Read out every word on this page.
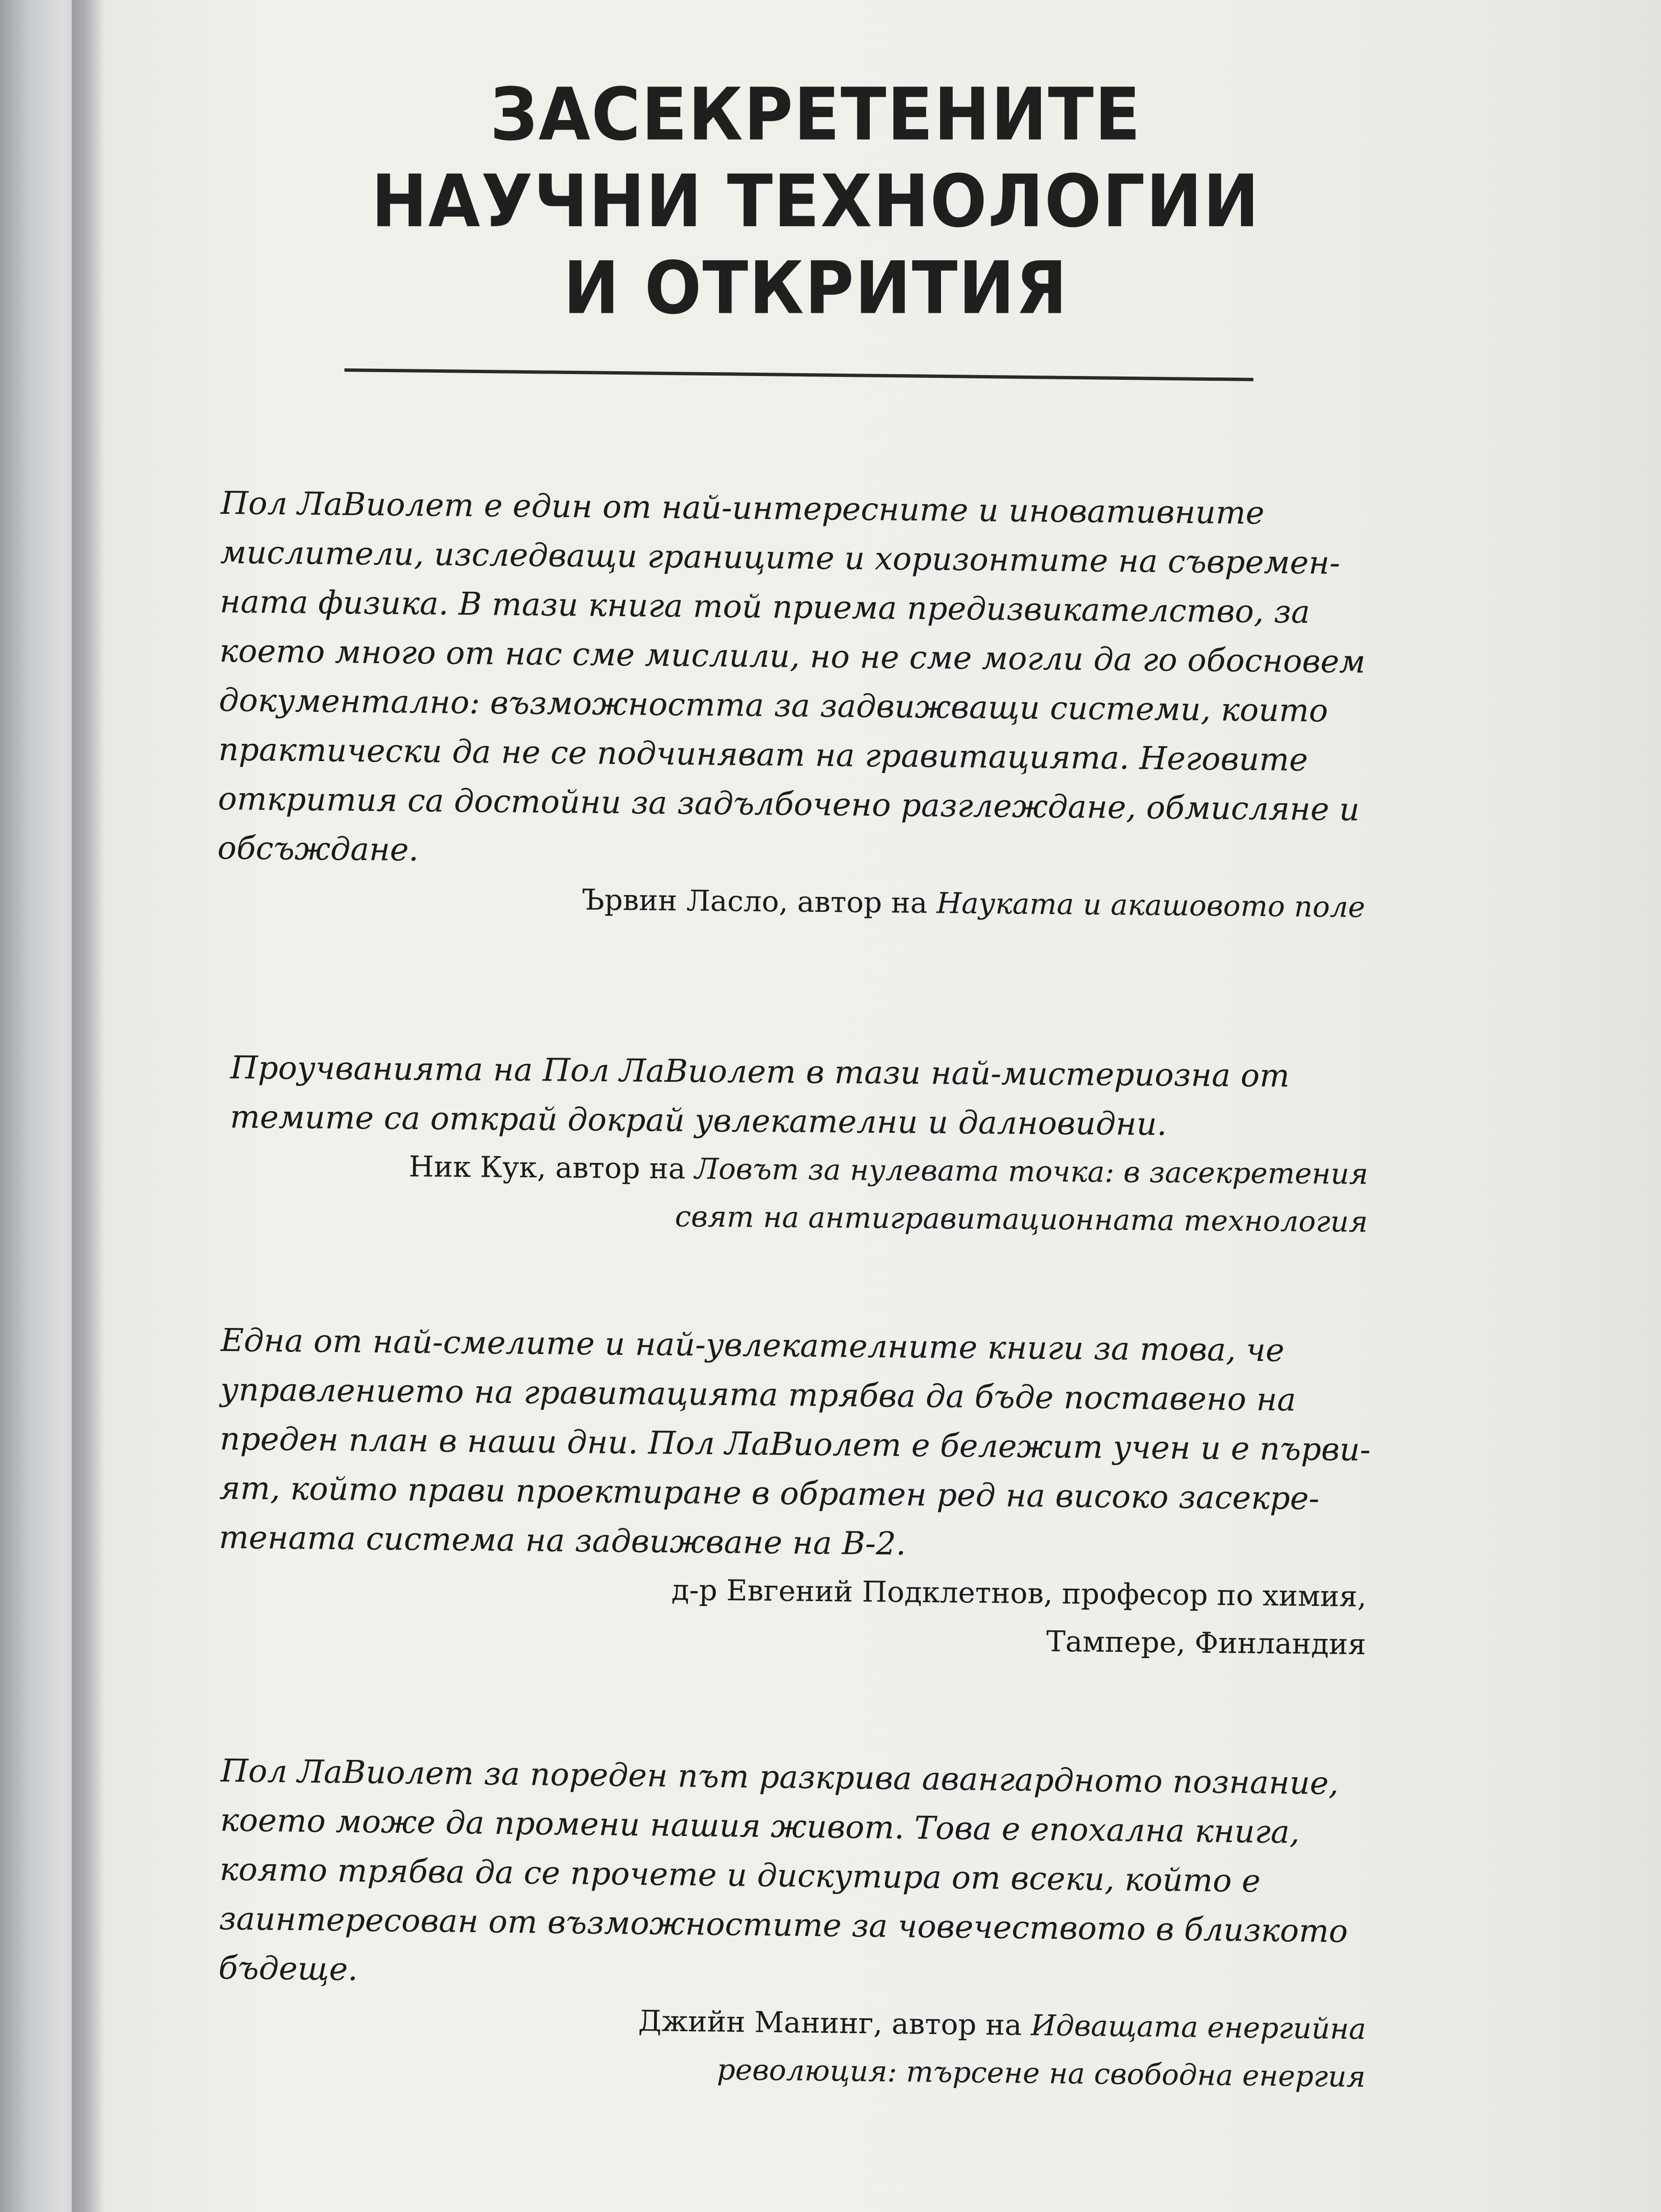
ЗАСЕКРЕТЕНИТЕ
НАУЧНИ ТЕХНОЛОГИИ
И ОТКРИТИЯ

Пол ЛаВиолет е един от най-интересните и иновативните
мислители, изследващи границите и хоризонтите на съвремен-
ната физика. В тази книга той приема предизвикателство, за
което много от нас сме мислили, но не сме могли да го обосновем
документално: възможността за задвижващи системи, които
практически да не се подчиняват на гравитацията. Неговите
открития са достойни за задълбочено разглеждане, обмисляне и
обсъждане.

Ървин Ласло, автор на Науката и акашовото поле

Проучванията на Пол ЛаВиолет в тази най-мистериозна от
темите са открай докрай увлекателни и далновидни.

Ник Кук, автор на Ловът за нулевата точка: в засекретения
свят на антигравитационната технология

Една от най-смелите и най-увлекателните книги за това, че
управлението на гравитацията трябва да бъде поставено на
преден план в наши дни. Пол ЛаВиолет е бележит учен и е първи-
ят, който прави проектиране в обратен ред на високо засекре-
тената система на задвижване на В-2.

д-р Евгений Подклетнов, професор по химия,
Тампере, Финландия

Пол ЛаВиолет за пореден път разкрива авангардното познание,
което може да промени нашия живот. Това е епохална книга,
която трябва да се прочете и дискутира от всеки, който е
заинтересован от възможностите за човечеството в близкото
бъдеще.

Джийн Манинг, автор на Идващата енергийна
революция: търсене на свободна енергия
